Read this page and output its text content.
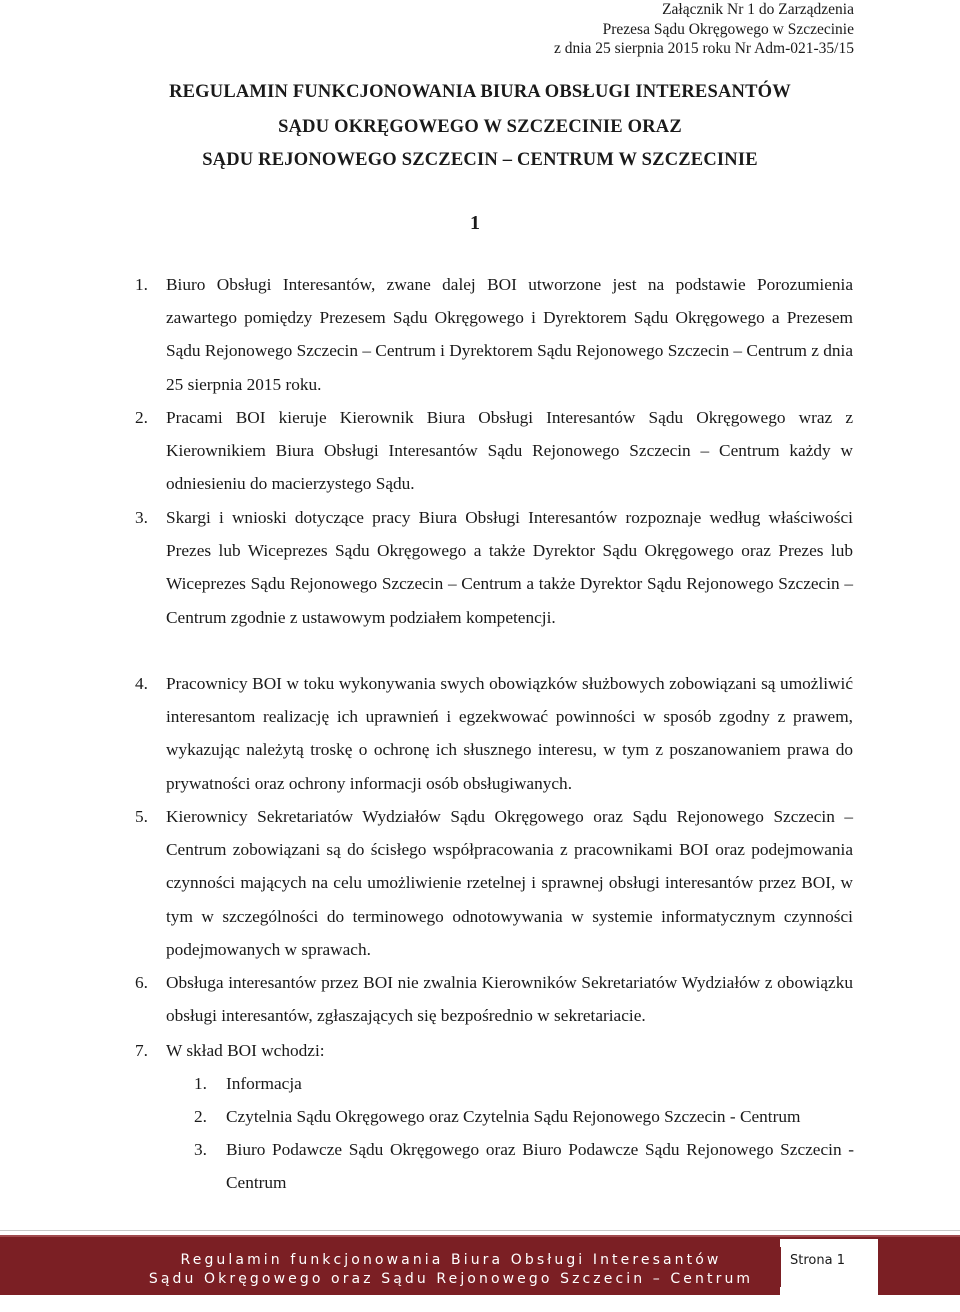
Załącznik Nr 1 do Zarządzenia
Prezesa Sądu Okręgowego w Szczecinie
z dnia 25 sierpnia 2015 roku Nr Adm-021-35/15
REGULAMIN FUNKCJONOWANIA BIURA OBSŁUGI INTERESANTÓW
SĄDU OKRĘGOWEGO W SZCZECINIE ORAZ
SĄDU REJONOWEGO SZCZECIN – CENTRUM W SZCZECINIE
1
1. Biuro Obsługi Interesantów, zwane dalej BOI utworzone jest na podstawie Porozumienia zawartego pomiędzy Prezesem Sądu Okręgowego i Dyrektorem Sądu Okręgowego a Prezesem Sądu Rejonowego Szczecin – Centrum i Dyrektorem Sądu Rejonowego Szczecin – Centrum z dnia 25 sierpnia 2015 roku.
2. Pracami BOI kieruje Kierownik Biura Obsługi Interesantów Sądu Okręgowego wraz z Kierownikiem Biura Obsługi Interesantów Sądu Rejonowego Szczecin – Centrum każdy w odniesieniu do macierzystego Sądu.
3. Skargi i wnioski dotyczące pracy Biura Obsługi Interesantów rozpoznaje według właściwości Prezes lub Wiceprezes Sądu Okręgowego a także Dyrektor Sądu Okręgowego oraz Prezes lub Wiceprezes Sądu Rejonowego Szczecin – Centrum a także Dyrektor Sądu Rejonowego Szczecin – Centrum zgodnie z ustawowym podziałem kompetencji.
4. Pracownicy BOI w toku wykonywania swych obowiązków służbowych zobowiązani są umożliwić interesantom realizację ich uprawnień i egzekwować powinności w sposób zgodny z prawem, wykazując należytą troskę o ochronę ich słusznego interesu, w tym z poszanowaniem prawa do prywatności oraz ochrony informacji osób obsługiwanych.
5. Kierownicy Sekretariatów Wydziałów Sądu Okręgowego oraz Sądu Rejonowego Szczecin – Centrum zobowiązani są do ścisłego współpracowania z pracownikami BOI oraz podejmowania czynności mających na celu umożliwienie rzetelnej i sprawnej obsługi interesantów przez BOI, w tym w szczególności do terminowego odnotowywania w systemie informatycznym czynności podejmowanych w sprawach.
6. Obsługa interesantów przez BOI nie zwalnia Kierowników Sekretariatów Wydziałów z obowiązku obsługi interesantów, zgłaszających się bezpośrednio w sekretariacie.
7. W skład BOI wchodzi:
1. Informacja
2. Czytelnia Sądu Okręgowego oraz Czytelnia Sądu Rejonowego Szczecin - Centrum
3. Biuro Podawcze Sądu Okręgowego oraz Biuro Podawcze Sądu Rejonowego Szczecin - Centrum
Regulamin funkcjonowania Biura Obsługi Interesantów
Sądu Okręgowego oraz Sądu Rejonowego Szczecin – Centrum
Strona 1
